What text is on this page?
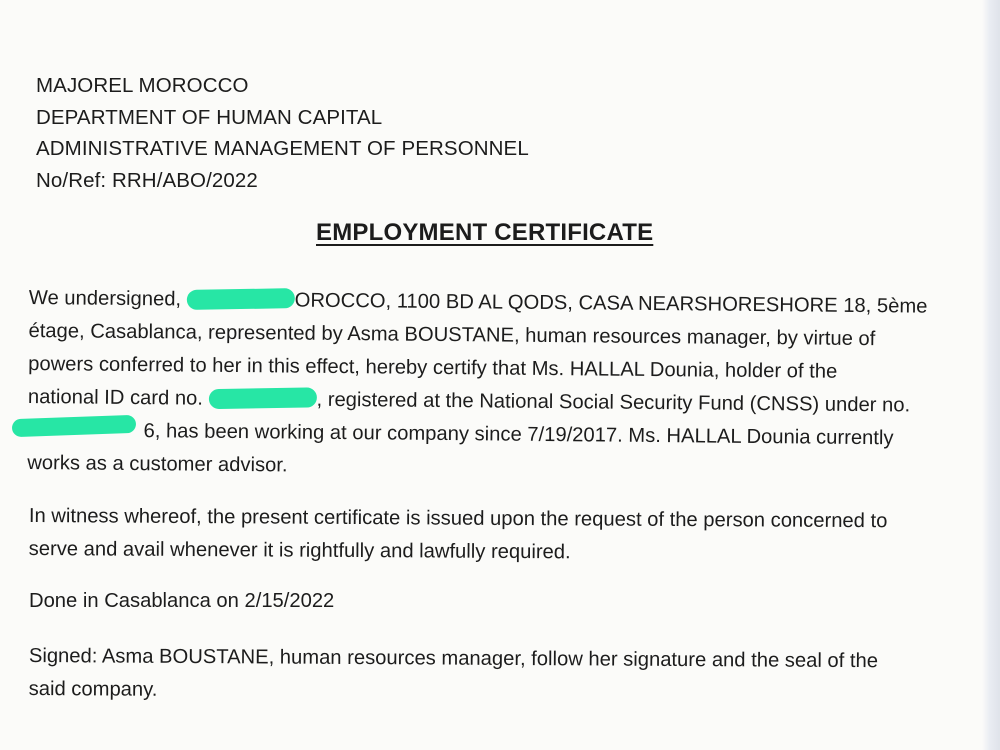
MAJOREL MOROCCO
DEPARTMENT OF HUMAN CAPITAL
ADMINISTRATIVE MANAGEMENT OF PERSONNEL
No/Ref: RRH/ABO/2022
EMPLOYMENT CERTIFICATE
We undersigned,	OROCCO, 1100 BD AL QODS, CASA NEARSHORESHORE 18, 5ème
étage, Casablanca, represented by Asma BOUSTANE, human resources manager, by virtue of
powers conferred to her in this effect, hereby certify that Ms. HALLAL Dounia, holder of the
national ID card no.	, registered at the National Social Security Fund (CNSS) under no.
6, has been working at our company since 7/19/2017. Ms. HALLAL Dounia currently
works as a customer advisor.
In witness whereof, the present certificate is issued upon the request of the person concerned to
serve and avail whenever it is rightfully and lawfully required.
Done in Casablanca on 2/15/2022
Signed: Asma BOUSTANE, human resources manager, follow her signature and the seal of the
said company.
